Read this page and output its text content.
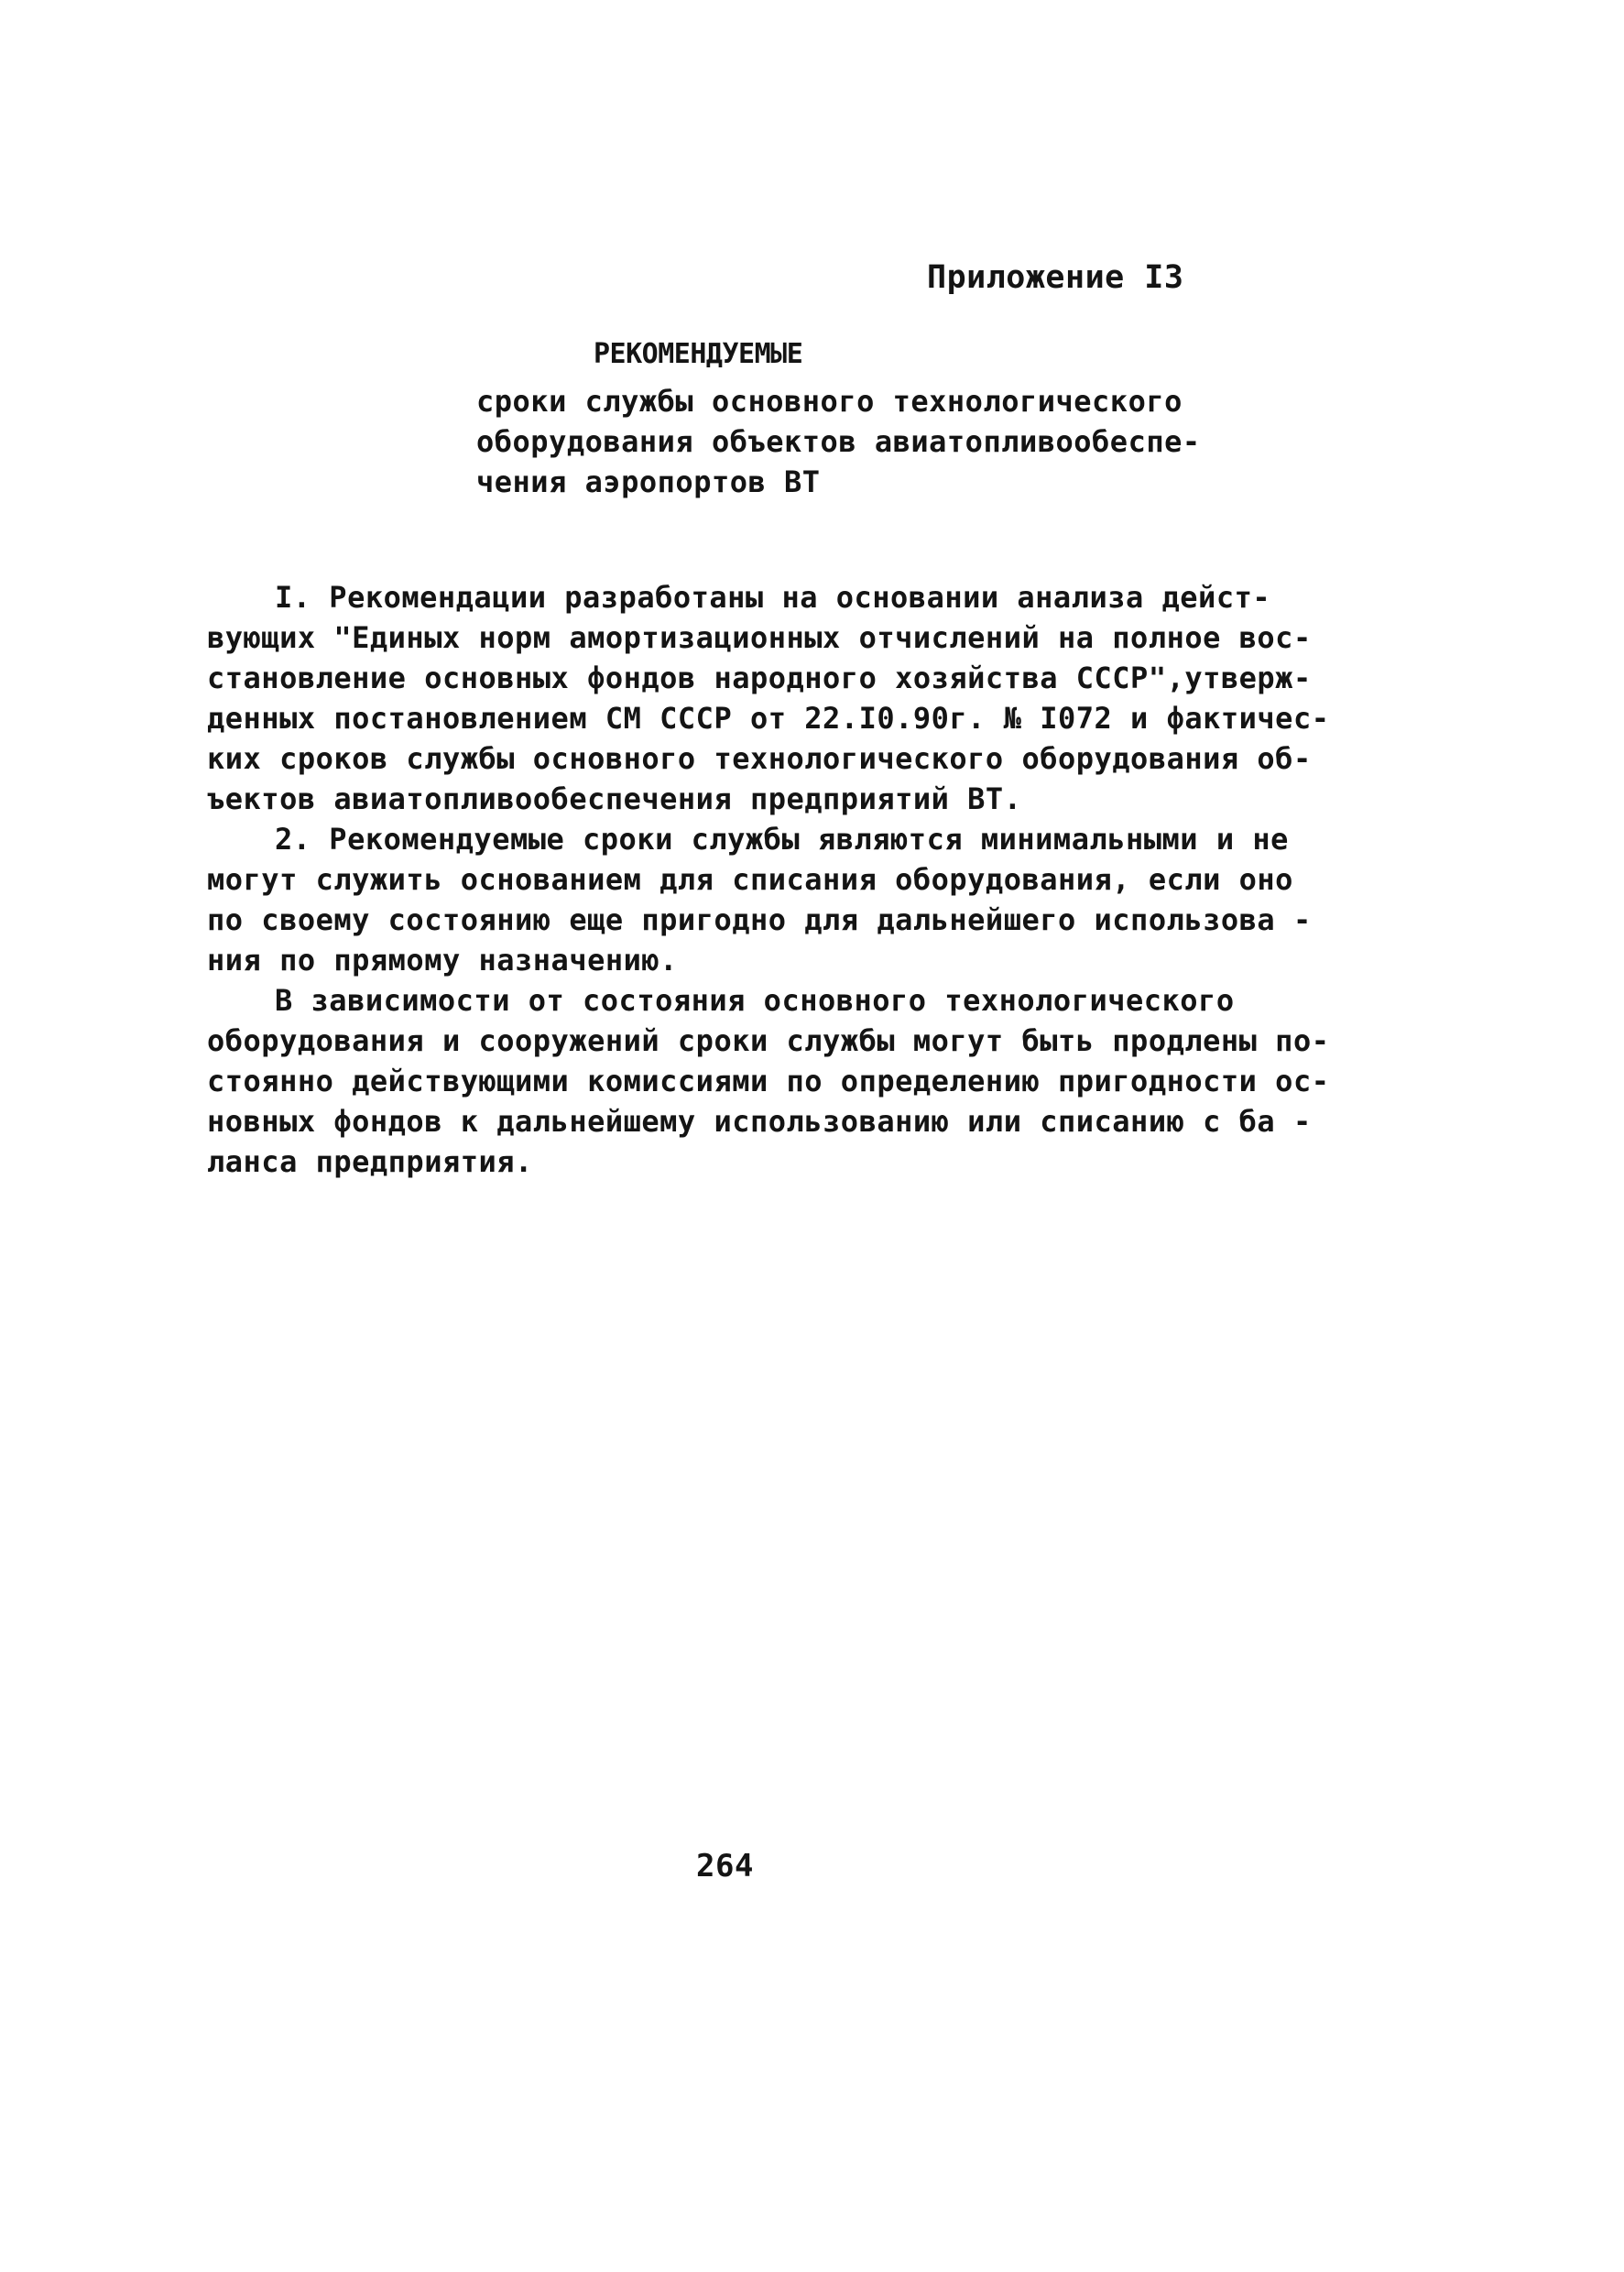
Приложение I3
РЕКОМЕНДУЕМЫЕ
сроки службы основного технологического
оборудования объектов авиатопливообеспе-
чения аэропортов ВТ
I. Рекомендации разработаны на основании анализа дейст-
вующих "Единых норм амортизационных отчислений на полное вос-
становление основных фондов народного хозяйства СССР",утверж-
денных постановлением СМ СССР от 22.I0.90г. № I072 и фактичес-
ких сроков службы основного технологического оборудования об-
ъектов авиатопливообеспечения предприятий ВТ.
2. Рекомендуемые сроки службы являются минимальными и не
могут служить основанием для списания оборудования, если оно
по своему состоянию еще пригодно для дальнейшего использова -
ния по прямому назначению.
В зависимости от состояния основного технологического
оборудования и сооружений сроки службы могут быть продлены по-
стоянно действующими комиссиями по определению пригодности ос-
новных фондов к дальнейшему использованию или списанию с ба -
ланса предприятия.
264
